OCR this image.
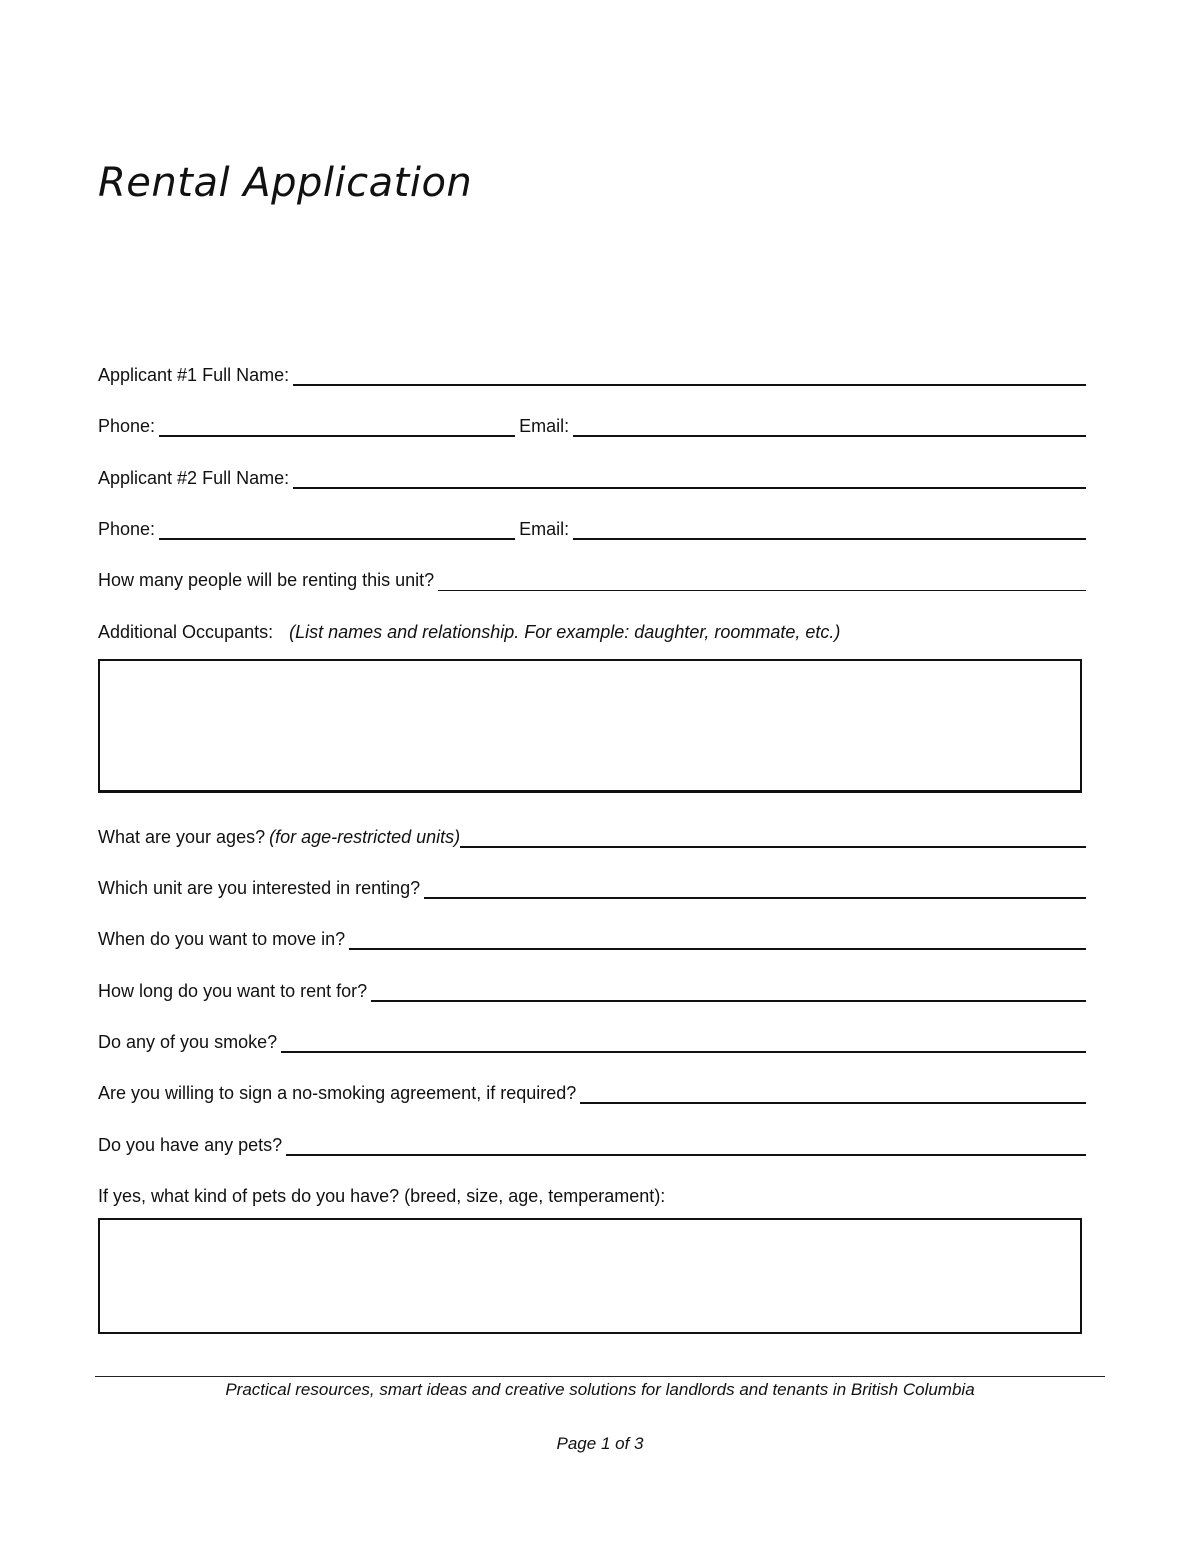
Rental Application
Applicant #1 Full Name:
Phone:	Email:
Applicant #2 Full Name:
Phone:	Email:
How many people will be renting this unit?
Additional Occupants: (List names and relationship. For example: daughter, roommate, etc.)
What are your ages? (for age-restricted units)
Which unit are you interested in renting?
When do you want to move in?
How long do you want to rent for?
Do any of you smoke?
Are you willing to sign a no-smoking agreement, if required?
Do you have any pets?
If yes, what kind of pets do you have? (breed, size, age, temperament):
Practical resources, smart ideas and creative solutions for landlords and tenants in British Columbia
Page 1 of 3
